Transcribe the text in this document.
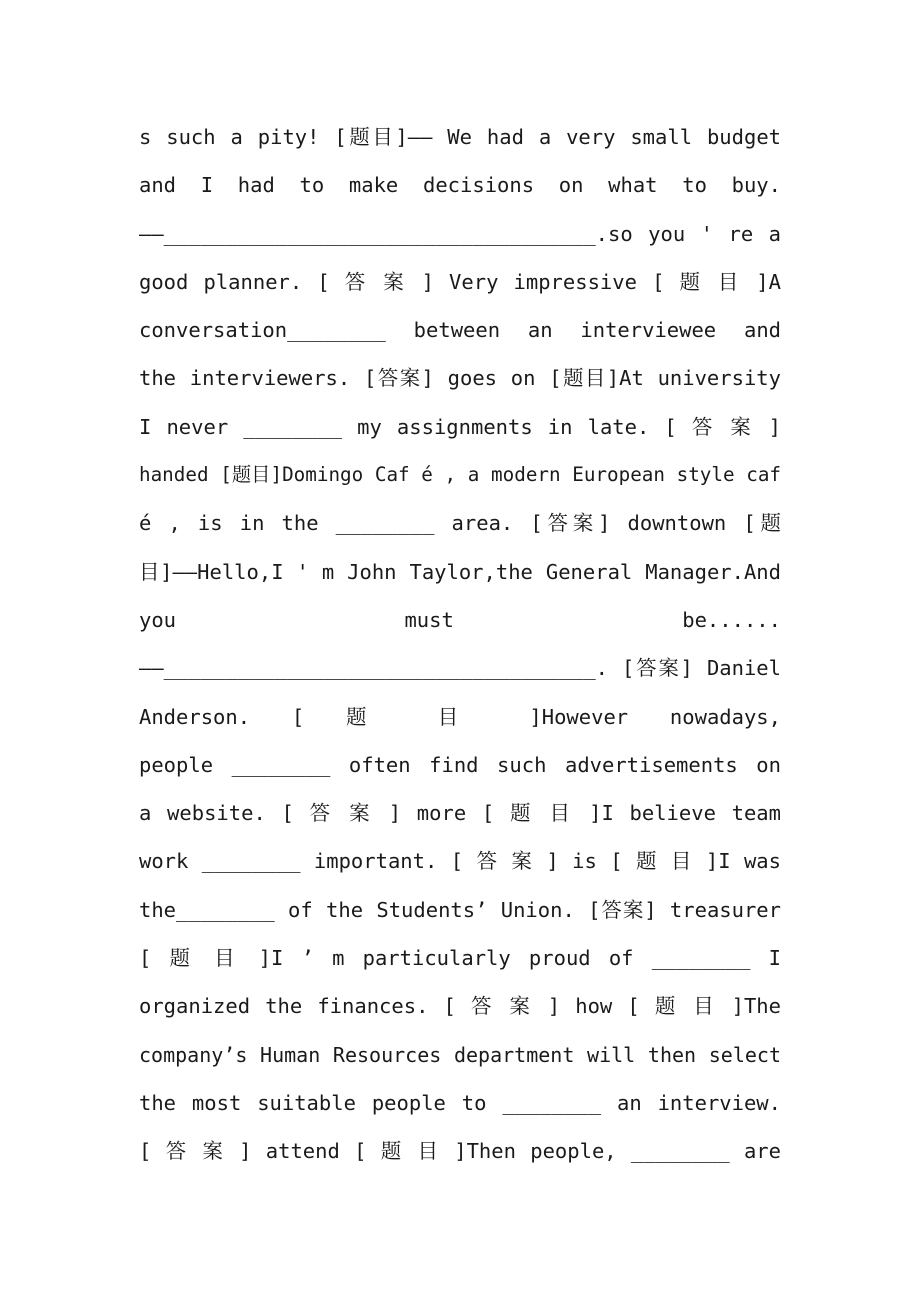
s such a pity! [题目]—— We had a very small budget
and I had to make decisions on what to buy.
——___________________________________.so you ' re a
good planner. [ 答 案 ] Very impressive [ 题 目 ]A
conversation________ between an interviewee and
the interviewers. [答案] goes on [题目]At university
I never ________ my assignments in late. [ 答 案 ]
handed [题目]Domingo Caf é , a modern European style caf
é , is in the ________ area. [答案] downtown [题
目]——Hello,I ' m John Taylor,the General Manager.And
you must be......
——___________________________________. [答案] Daniel
Anderson. [ 题 目 ]However nowadays,
people ________ often find such advertisements on
a website. [ 答 案 ] more [ 题 目 ]I believe team
work ________ important. [ 答 案 ] is [ 题 目 ]I was
the________ of the Students’ Union. [答案] treasurer
[ 题 目 ]I ’ m particularly proud of ________ I
organized the finances. [ 答 案 ] how [ 题 目 ]The
company’s Human Resources department will then select
the most suitable people to ________ an interview.
[ 答 案 ] attend [ 题 目 ]Then people, ________ are
